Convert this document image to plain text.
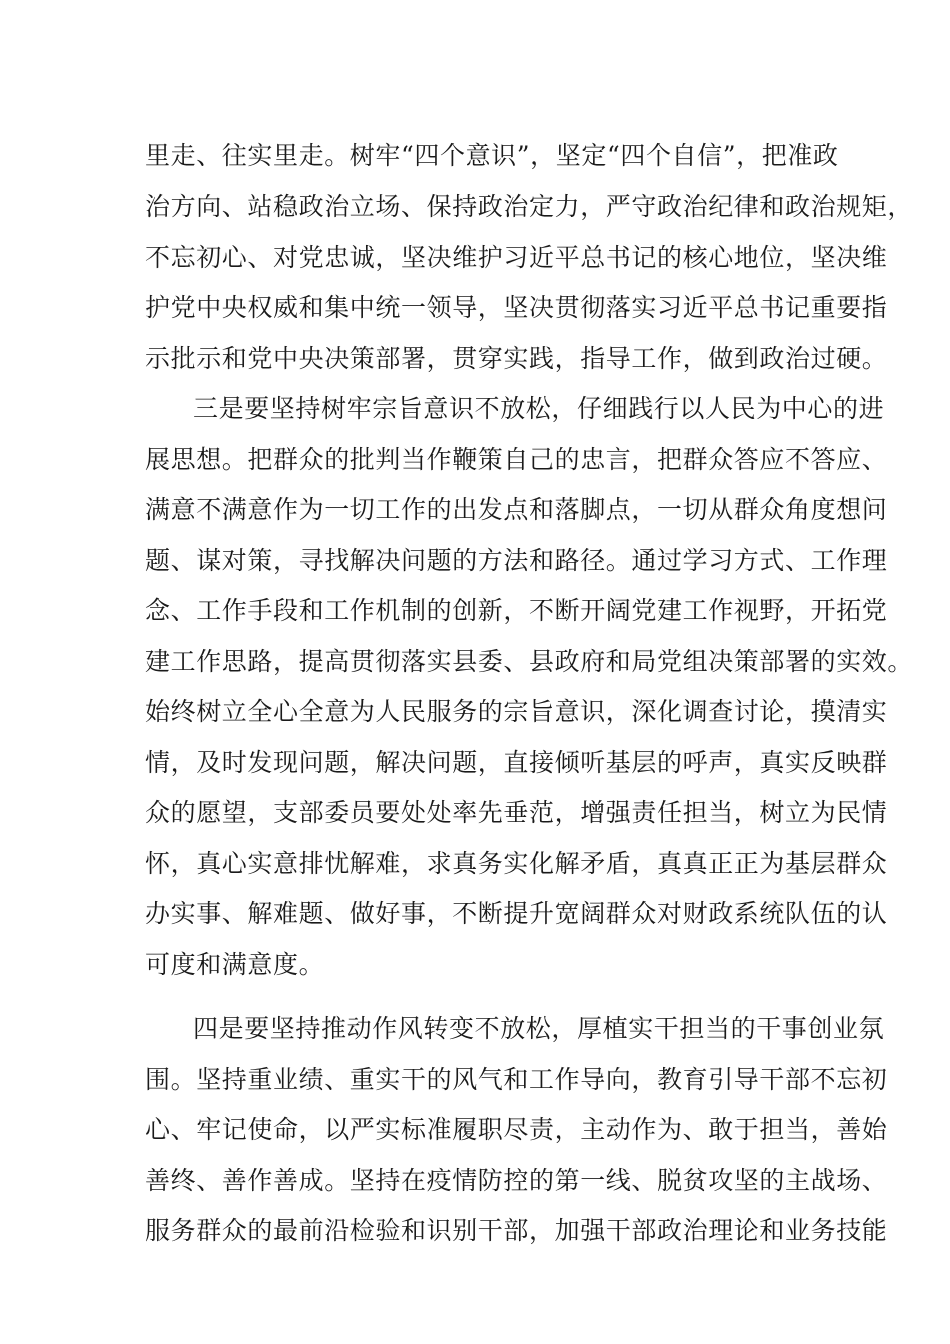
里走、往实里走。树牢“四个意识”，坚定“四个自信”，把准政
治方向、站稳政治立场、保持政治定力，严守政治纪律和政治规矩，
不忘初心、对党忠诚，坚决维护习近平总书记的核心地位，坚决维
护党中央权威和集中统一领导，坚决贯彻落实习近平总书记重要指
示批示和党中央决策部署，贯穿实践，指导工作，做到政治过硬。
三是要坚持树牢宗旨意识不放松，仔细践行以人民为中心的进
展思想。把群众的批判当作鞭策自己的忠言，把群众答应不答应、
满意不满意作为一切工作的出发点和落脚点，一切从群众角度想问
题、谋对策，寻找解决问题的方法和路径。通过学习方式、工作理
念、工作手段和工作机制的创新，不断开阔党建工作视野，开拓党
建工作思路，提高贯彻落实县委、县政府和局党组决策部署的实效。
始终树立全心全意为人民服务的宗旨意识，深化调查讨论，摸清实
情，及时发现问题，解决问题，直接倾听基层的呼声，真实反映群
众的愿望，支部委员要处处率先垂范，增强责任担当，树立为民情
怀，真心实意排忧解难，求真务实化解矛盾，真真正正为基层群众
办实事、解难题、做好事，不断提升宽阔群众对财政系统队伍的认
可度和满意度。
四是要坚持推动作风转变不放松，厚植实干担当的干事创业氛
围。坚持重业绩、重实干的风气和工作导向，教育引导干部不忘初
心、牢记使命，以严实标准履职尽责，主动作为、敢于担当，善始
善终、善作善成。坚持在疫情防控的第一线、脱贫攻坚的主战场、
服务群众的最前沿检验和识别干部，加强干部政治理论和业务技能
